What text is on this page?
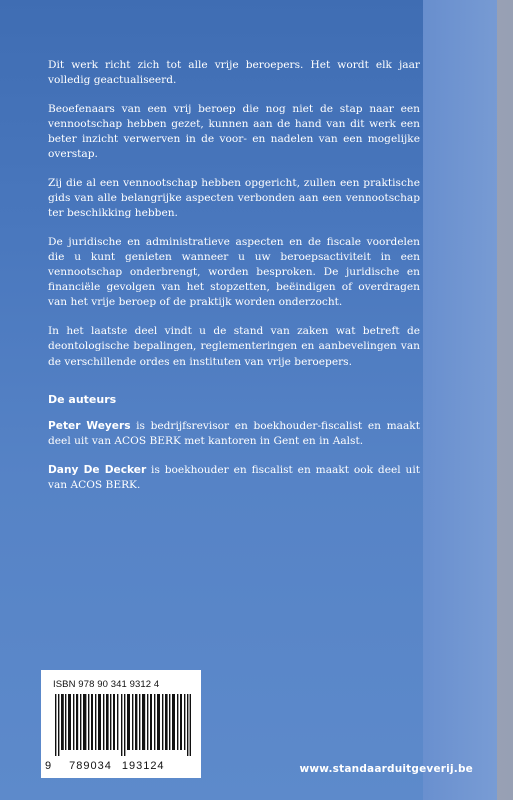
Dit werk richt zich tot alle vrije beroepers. Het wordt elk jaar volledig geactualiseerd.

Beoefenaars van een vrij beroep die nog niet de stap naar een vennootschap hebben gezet, kunnen aan de hand van dit werk een beter inzicht verwerven in de voor- en nadelen van een mogelijke overstap.

Zij die al een vennootschap hebben opgericht, zullen een praktische gids van alle belangrijke aspecten verbonden aan een vennootschap ter beschikking hebben.

De juridische en administratieve aspecten en de fiscale voordelen die u kunt genieten wanneer u uw beroepsactiviteit in een vennootschap onderbrengt, worden besproken. De juridische en financiële gevolgen van het stopzetten, beëindigen of overdragen van het vrije beroep of de praktijk worden onderzocht.

In het laatste deel vindt u de stand van zaken wat betreft de deontologische bepalingen, reglementeringen en aanbevelingen van de verschillende ordes en instituten van vrije beroepers.

De auteurs

Peter Weyers is bedrijfsrevisor en boekhouder-fiscalist en maakt deel uit van ACOS BERK met kantoren in Gent en in Aalst.

Dany De Decker is boekhouder en fiscalist en maakt ook deel uit van ACOS BERK.

ISBN 978 90 341 9312 4
9 789034 193124	www.standaarduitgeverij.be
